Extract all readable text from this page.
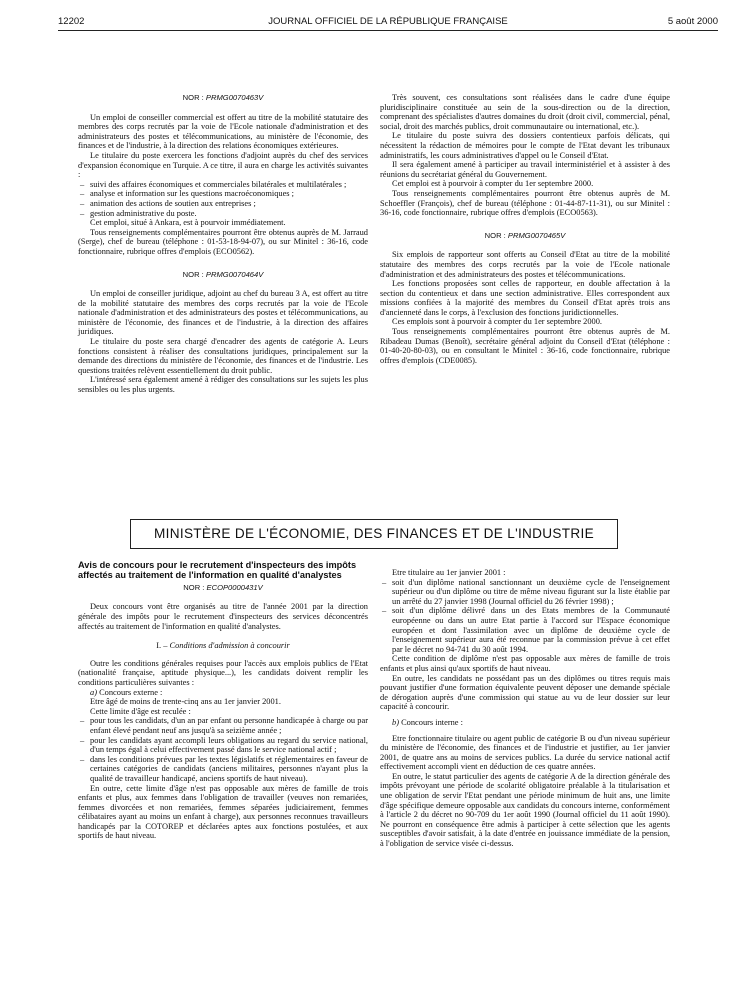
12202	JOURNAL OFFICIEL DE LA RÉPUBLIQUE FRANÇAISE	5 août 2000

NOR : PRMG0070463V

Un emploi de conseiller commercial est offert au titre de la mobilité statutaire des membres des corps recrutés par la voie de l'Ecole nationale d'administration et des administrateurs des postes et télécommunications, au ministère de l'économie, des finances et de l'industrie, à la direction des relations économiques extérieures.

Le titulaire du poste exercera les fonctions d'adjoint auprès du chef des services d'expansion économique en Turquie. A ce titre, il aura en charge les activités suivantes :

– suivi des affaires économiques et commerciales bilatérales et multilatérales ;
– analyse et information sur les questions macroéconomiques ;
– animation des actions de soutien aux entreprises ;
– gestion administrative du poste.

Cet emploi, situé à Ankara, est à pourvoir immédiatement.

Tous renseignements complémentaires pourront être obtenus auprès de M. Jarraud (Serge), chef de bureau (téléphone : 01-53-18-94-07), ou sur Minitel : 36-16, code fonctionnaire, rubrique offres d'emplois (ECO0562).

NOR : PRMG0070464V

Un emploi de conseiller juridique, adjoint au chef du bureau 3 A, est offert au titre de la mobilité statutaire des membres des corps recrutés par la voie de l'Ecole nationale d'administration et des administrateurs des postes et télécommunications, au ministère de l'économie, des finances et de l'industrie, à la direction des affaires juridiques.

Le titulaire du poste sera chargé d'encadrer des agents de catégorie A. Leurs fonctions consistent à réaliser des consultations juridiques, principalement sur la demande des directions du ministère de l'économie, des finances et de l'industrie. Les questions traitées relèvent essentiellement du droit public.

L'intéressé sera également amené à rédiger des consultations sur les sujets les plus sensibles ou les plus urgents.

Très souvent, ces consultations sont réalisées dans le cadre d'une équipe pluridisciplinaire constituée au sein de la sous-direction ou de la direction, comprenant des spécialistes d'autres domaines du droit (droit civil, commercial, pénal, social, droit des marchés publics, droit communautaire ou international, etc.).

Le titulaire du poste suivra des dossiers contentieux parfois délicats, qui nécessitent la rédaction de mémoires pour le compte de l'Etat devant les tribunaux administratifs, les cours administratives d'appel ou le Conseil d'Etat.

Il sera également amené à participer au travail interministériel et à assister à des réunions du secrétariat général du Gouvernement.

Cet emploi est à pourvoir à compter du 1er septembre 2000.

Tous renseignements complémentaires pourront être obtenus auprès de M. Schoeffler (François), chef de bureau (téléphone : 01-44-87-11-31), ou sur Minitel : 36-16, code fonctionnaire, rubrique offres d'emplois (ECO0563).

NOR : PRMG0070465V

Six emplois de rapporteur sont offerts au Conseil d'Etat au titre de la mobilité statutaire des membres des corps recrutés par la voie de l'Ecole nationale d'administration et des administrateurs des postes et télécommunications.

Les fonctions proposées sont celles de rapporteur, en double affectation à la section du contentieux et dans une section administrative. Elles correspondent aux missions confiées à la majorité des membres du Conseil d'Etat après trois ans d'ancienneté dans le corps, à l'exclusion des fonctions juridictionnelles.

Ces emplois sont à pourvoir à compter du 1er septembre 2000.

Tous renseignements complémentaires pourront être obtenus auprès de M. Ribadeau Dumas (Benoît), secrétaire général adjoint du Conseil d'Etat (téléphone : 01-40-20-80-03), ou en consultant le Minitel : 36-16, code fonctionnaire, rubrique offres d'emplois (CDE0085).

MINISTÈRE DE L'ÉCONOMIE, DES FINANCES ET DE L'INDUSTRIE

Avis de concours pour le recrutement d'inspecteurs des impôts affectés au traitement de l'information en qualité d'analystes

NOR : ECOP0000431V

Deux concours vont être organisés au titre de l'année 2001 par la direction générale des impôts pour le recrutement d'inspecteurs des services déconcentrés affectés au traitement de l'information en qualité d'analystes.

I. – Conditions d'admission à concourir

Outre les conditions générales requises pour l'accès aux emplois publics de l'Etat (nationalité française, aptitude physique...), les candidats doivent remplir les conditions particulières suivantes :

a) Concours externe :

Etre âgé de moins de trente-cinq ans au 1er janvier 2001.

Cette limite d'âge est reculée :

– pour tous les candidats, d'un an par enfant ou personne handicapée à charge ou par enfant élevé pendant neuf ans jusqu'à sa seizième année ;
– pour les candidats ayant accompli leurs obligations au regard du service national, d'un temps égal à celui effectivement passé dans le service national actif ;
– dans les conditions prévues par les textes législatifs et réglementaires en faveur de certaines catégories de candidats (anciens militaires, personnes n'ayant plus la qualité de travailleur handicapé, anciens sportifs de haut niveau).

En outre, cette limite d'âge n'est pas opposable aux mères de famille de trois enfants et plus, aux femmes dans l'obligation de travailler (veuves non remariées, femmes divorcées et non remariées, femmes séparées judiciairement, femmes célibataires ayant au moins un enfant à charge), aux personnes reconnues travailleurs handicapés par la COTOREP et déclarées aptes aux fonctions postulées, et aux sportifs de haut niveau.

Etre titulaire au 1er janvier 2001 :

– soit d'un diplôme national sanctionnant un deuxième cycle de l'enseignement supérieur ou d'un diplôme ou titre de même niveau figurant sur la liste établie par un arrêté du 27 janvier 1998 (Journal officiel du 26 février 1998) ;
– soit d'un diplôme délivré dans un des Etats membres de la Communauté européenne ou dans un autre Etat partie à l'accord sur l'Espace économique européen et dont l'assimilation avec un diplôme de deuxième cycle de l'enseignement supérieur aura été reconnue par la commission prévue à cet effet par le décret no 94-741 du 30 août 1994.

Cette condition de diplôme n'est pas opposable aux mères de famille de trois enfants et plus ainsi qu'aux sportifs de haut niveau.

En outre, les candidats ne possédant pas un des diplômes ou titres requis mais pouvant justifier d'une formation équivalente peuvent déposer une demande spéciale de dérogation auprès d'une commission qui statue au vu de leur dossier sur leur capacité à concourir.

b) Concours interne :

Etre fonctionnaire titulaire ou agent public de catégorie B ou d'un niveau supérieur du ministère de l'économie, des finances et de l'industrie et justifier, au 1er janvier 2001, de quatre ans au moins de services publics. La durée du service national actif effectivement accompli vient en déduction de ces quatre années.

En outre, le statut particulier des agents de catégorie A de la direction générale des impôts prévoyant une période de scolarité obligatoire préalable à la titularisation et une obligation de servir l'Etat pendant une période minimum de huit ans, une limite d'âge spécifique demeure opposable aux candidats du concours interne, conformément à l'article 2 du décret no 90-709 du 1er août 1990 (Journal officiel du 11 août 1990). Ne pourront en conséquence être admis à participer à cette sélection que les agents susceptibles d'avoir satisfait, à la date d'entrée en jouissance immédiate de la pension, à l'obligation de service visée ci-dessus.
